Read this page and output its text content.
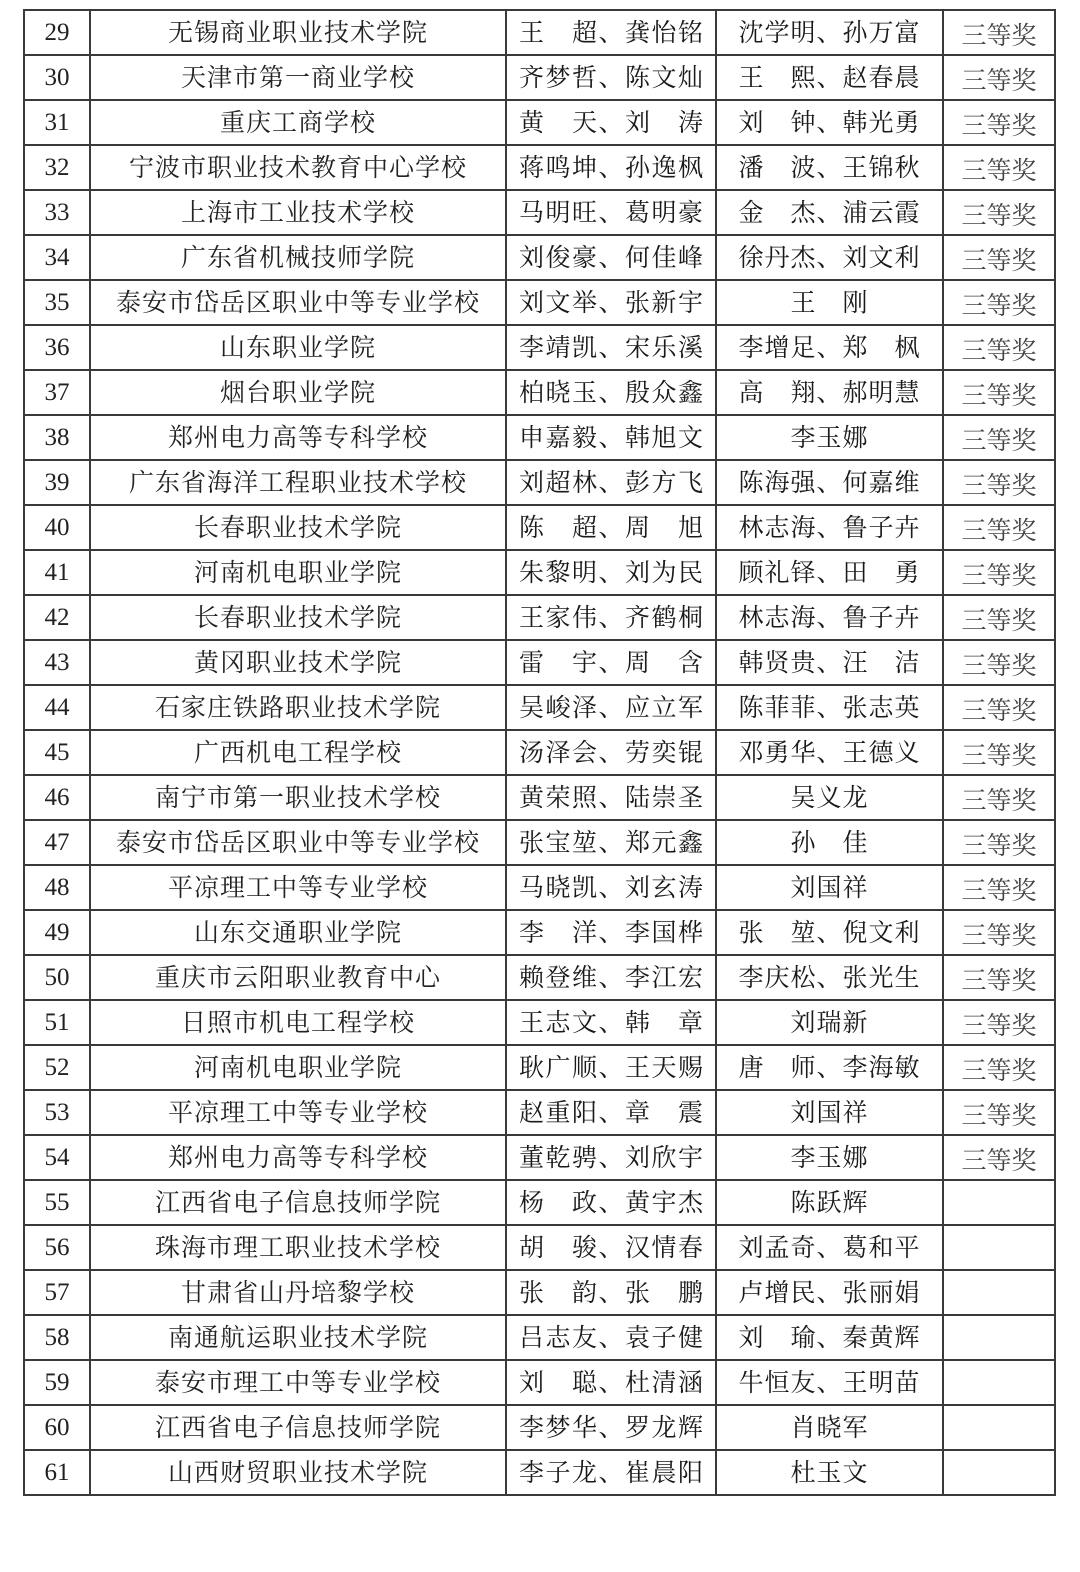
29	无锡商业职业技术学院	王　超、龚怡铭	沈学明、孙万富	三等奖
30	天津市第一商业学校	齐梦哲、陈文灿	王　熙、赵春晨	三等奖
31	重庆工商学校	黄　天、刘　涛	刘　钟、韩光勇	三等奖
32	宁波市职业技术教育中心学校	蒋鸣坤、孙逸枫	潘　波、王锦秋	三等奖
33	上海市工业技术学校	马明旺、葛明豪	金　杰、浦云霞	三等奖
34	广东省机械技师学院	刘俊豪、何佳峰	徐丹杰、刘文利	三等奖
35	泰安市岱岳区职业中等专业学校	刘文举、张新宇	王　刚	三等奖
36	山东职业学院	李靖凯、宋乐溪	李增足、郑　枫	三等奖
37	烟台职业学院	柏晓玉、殷众鑫	高　翔、郝明慧	三等奖
38	郑州电力高等专科学校	申嘉毅、韩旭文	李玉娜	三等奖
39	广东省海洋工程职业技术学校	刘超林、彭方飞	陈海强、何嘉维	三等奖
40	长春职业技术学院	陈　超、周　旭	林志海、鲁子卉	三等奖
41	河南机电职业学院	朱黎明、刘为民	顾礼铎、田　勇	三等奖
42	长春职业技术学院	王家伟、齐鹤桐	林志海、鲁子卉	三等奖
43	黄冈职业技术学院	雷　宇、周　含	韩贤贵、汪　洁	三等奖
44	石家庄铁路职业技术学院	吴峻泽、应立军	陈菲菲、张志英	三等奖
45	广西机电工程学校	汤泽会、劳奕锟	邓勇华、王德义	三等奖
46	南宁市第一职业技术学校	黄荣照、陆崇圣	吴义龙	三等奖
47	泰安市岱岳区职业中等专业学校	张宝堃、郑元鑫	孙　佳	三等奖
48	平凉理工中等专业学校	马晓凯、刘玄涛	刘国祥	三等奖
49	山东交通职业学院	李　洋、李国桦	张　堃、倪文利	三等奖
50	重庆市云阳职业教育中心	赖登维、李江宏	李庆松、张光生	三等奖
51	日照市机电工程学校	王志文、韩　章	刘瑞新	三等奖
52	河南机电职业学院	耿广顺、王天赐	唐　师、李海敏	三等奖
53	平凉理工中等专业学校	赵重阳、章　震	刘国祥	三等奖
54	郑州电力高等专科学校	董乾骋、刘欣宇	李玉娜	三等奖
55	江西省电子信息技师学院	杨　政、黄宇杰	陈跃辉	
56	珠海市理工职业技术学校	胡　骏、汉情春	刘孟奇、葛和平	
57	甘肃省山丹培黎学校	张　韵、张　鹏	卢增民、张丽娟	
58	南通航运职业技术学院	吕志友、袁子健	刘　瑜、秦黄辉	
59	泰安市理工中等专业学校	刘　聪、杜清涵	牛恒友、王明苗	
60	江西省电子信息技师学院	李梦华、罗龙辉	肖晓军	
61	山西财贸职业技术学院	李子龙、崔晨阳	杜玉文	
